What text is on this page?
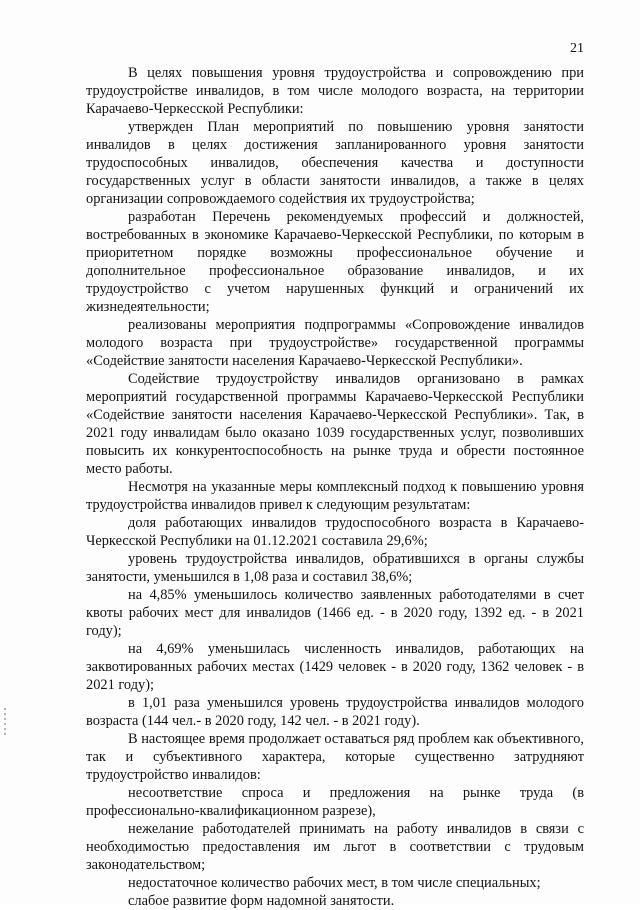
21

В целях повышения уровня трудоустройства и сопровождению при трудоустройстве инвалидов, в том числе молодого возраста, на территории Карачаево-Черкесской Республики:

утвержден План мероприятий по повышению уровня занятости инвалидов в целях достижения запланированного уровня занятости трудоспособных инвалидов, обеспечения качества и доступности государственных услуг в области занятости инвалидов, а также в целях организации сопровождаемого содействия их трудоустройства;

разработан Перечень рекомендуемых профессий и должностей, востребованных в экономике Карачаево-Черкесской Республики, по которым в приоритетном порядке возможны профессиональное обучение и дополнительное профессиональное образование инвалидов, и их трудоустройство с учетом нарушенных функций и ограничений их жизнедеятельности;

реализованы мероприятия подпрограммы «Сопровождение инвалидов молодого возраста при трудоустройстве» государственной программы «Содействие занятости населения Карачаево-Черкесской Республики».

Содействие трудоустройству инвалидов организовано в рамках мероприятий государственной программы Карачаево-Черкесской Республики «Содействие занятости населения Карачаево-Черкесской Республики». Так, в 2021 году инвалидам было оказано 1039 государственных услуг, позволивших повысить их конкурентоспособность на рынке труда и обрести постоянное место работы.

Несмотря на указанные меры комплексный подход к повышению уровня трудоустройства инвалидов привел к следующим результатам:

доля работающих инвалидов трудоспособного возраста в Карачаево-Черкесской Республики на 01.12.2021 составила 29,6%;

уровень трудоустройства инвалидов, обратившихся в органы службы занятости, уменьшился в 1,08 раза и составил 38,6%;

на 4,85% уменьшилось количество заявленных работодателями в счет квоты рабочих мест для инвалидов (1466 ед. - в 2020 году, 1392 ед. - в 2021 году);

на 4,69% уменьшилась численность инвалидов, работающих на заквотированных рабочих местах (1429 человек - в 2020 году, 1362 человек - в 2021 году);

в 1,01 раза уменьшился уровень трудоустройства инвалидов молодого возраста (144 чел.- в 2020 году, 142 чел. - в 2021 году).

В настоящее время продолжает оставаться ряд проблем как объективного, так и субъективного характера, которые существенно затрудняют трудоустройство инвалидов:

несоответствие спроса и предложения на рынке труда (в профессионально-квалификационном разрезе),

нежелание работодателей принимать на работу инвалидов в связи с необходимостью предоставления им льгот в соответствии с трудовым законодательством;

недостаточное количество рабочих мест, в том числе специальных;

слабое развитие форм надомной занятости.
